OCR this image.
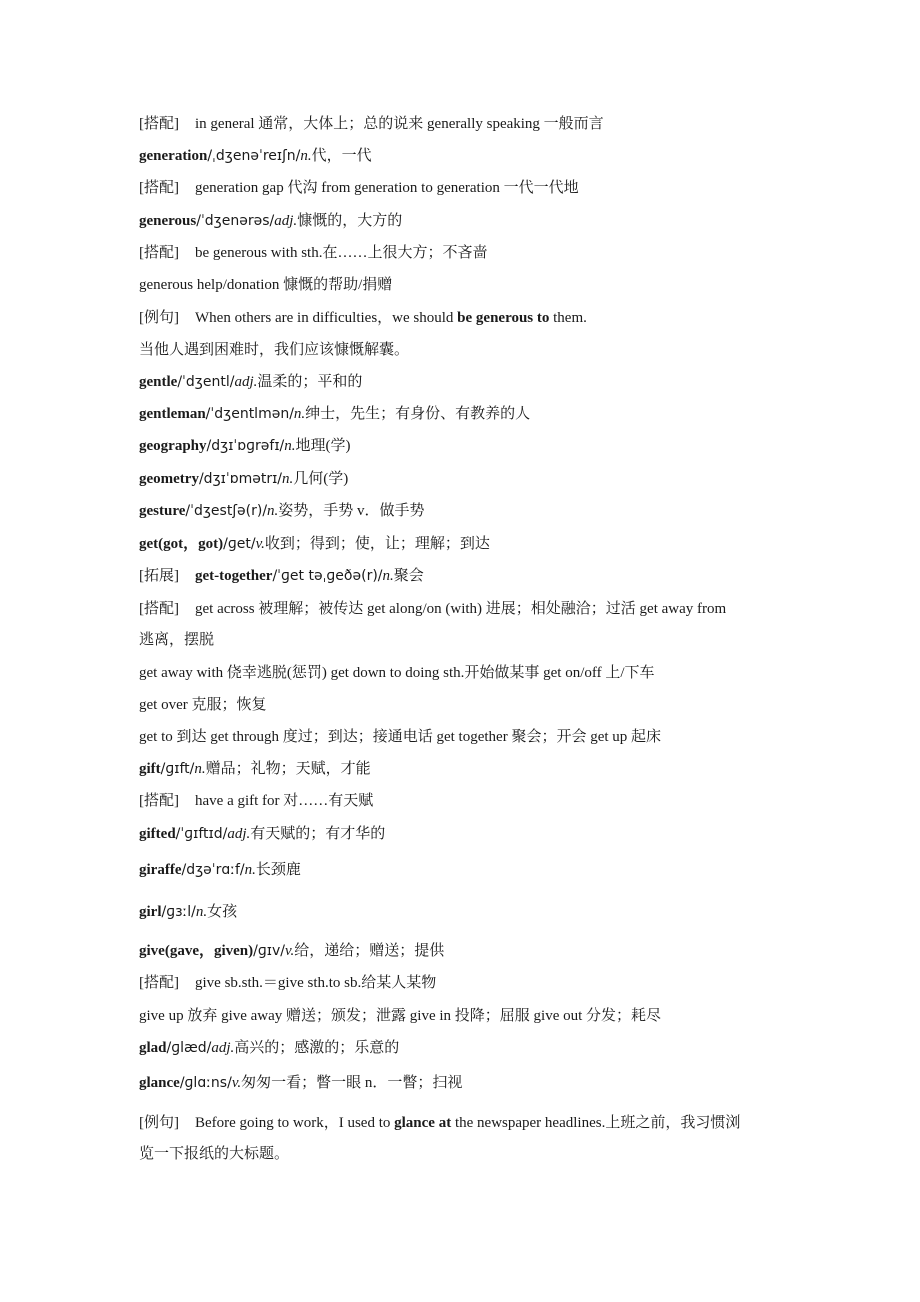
[搭配] in general 通常，大体上；总的说来 generally speaking 一般而言
generation/ˌdʒenəˈreɪʃn/n.代，一代
[搭配] generation gap 代沟 from generation to generation 一代一代地
generous/ˈdʒenərəs/adj.慷慨的，大方的
[搭配] be generous with sth.在……上很大方；不吝啬
generous help/donation 慷慨的帮助/捐赠
[例句] When others are in difficulties，we should be generous to them.
当他人遇到困难时，我们应该慷慨解囊。
gentle/ˈdʒentl/adj.温柔的；平和的
gentleman/ˈdʒentlmən/n.绅士，先生；有身份、有教养的人
geography/dʒɪˈɒɡrəfɪ/n.地理(学)
geometry/dʒɪˈɒmətrɪ/n.几何(学)
gesture/ˈdʒestʃə(r)/n.姿势，手势 v．做手势
get(got，got)/ɡet/v.收到；得到；使，让；理解；到达
[拓展] get-together/ˈɡet təˌɡeðə(r)/n.聚会
[搭配] get across 被理解；被传达 get along/on (with) 进展；相处融洽；过活 get away from
逃离，摆脱
get away with 侥幸逃脱(惩罚) get down to doing sth.开始做某事 get on/off 上/下车
get over 克服；恢复
get to 到达 get through 度过；到达；接通电话 get together 聚会；开会 get up 起床
gift/ɡɪft/n.赠品；礼物；天赋，才能
[搭配] have a gift for 对……有天赋
gifted/ˈɡɪftɪd/adj.有天赋的；有才华的
giraffe/dʒəˈrɑːf/n.长颈鹿
girl/ɡɜːl/n.女孩
give(gave，given)/ɡɪv/v.给，递给；赠送；提供
[搭配] give sb.sth.＝give sth.to sb.给某人某物
give up 放弃 give away 赠送；颁发；泄露 give in 投降；屈服 give out 分发；耗尽
glad/ɡlæd/adj.高兴的；感激的；乐意的
glance/ɡlɑːns/v.匆匆一看；瞥一眼 n．一瞥；扫视
[例句] Before going to work，I used to glance at the newspaper headlines.上班之前，我习惯浏
览一下报纸的大标题。
